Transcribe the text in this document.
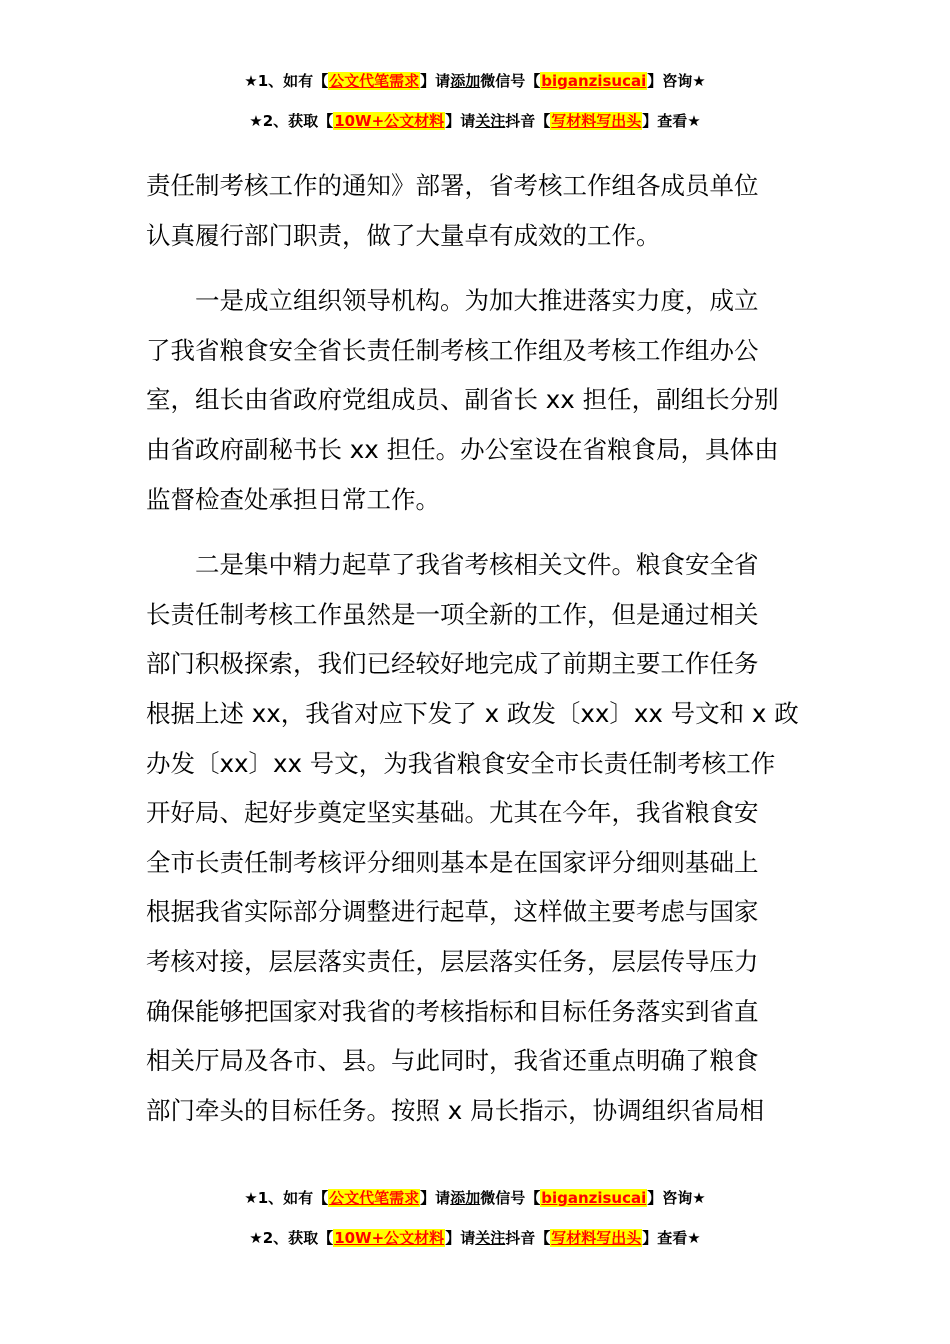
★1、如有【公文代笔需求】请添加微信号【biganzisucai】咨询★
★2、获取【10W+公文材料】请关注抖音【写材料写出头】查看★
责任制考核工作的通知》部署，省考核工作组各成员单位
认真履行部门职责，做了大量卓有成效的工作。
一是成立组织领导机构。为加大推进落实力度，成立
了我省粮食安全省长责任制考核工作组及考核工作组办公
室，组长由省政府党组成员、副省长 xx 担任，副组长分别
由省政府副秘书长 xx 担任。办公室设在省粮食局，具体由
监督检查处承担日常工作。
二是集中精力起草了我省考核相关文件。粮食安全省
长责任制考核工作虽然是一项全新的工作，但是通过相关
部门积极探索，我们已经较好地完成了前期主要工作任务
根据上述 xx，我省对应下发了 x 政发〔xx〕xx 号文和 x 政
办发〔xx〕xx 号文，为我省粮食安全市长责任制考核工作
开好局、起好步奠定坚实基础。尤其在今年，我省粮食安
全市长责任制考核评分细则基本是在国家评分细则基础上
根据我省实际部分调整进行起草，这样做主要考虑与国家
考核对接，层层落实责任，层层落实任务，层层传导压力
确保能够把国家对我省的考核指标和目标任务落实到省直
相关厅局及各市、县。与此同时，我省还重点明确了粮食
部门牵头的目标任务。按照 x 局长指示，协调组织省局相
★1、如有【公文代笔需求】请添加微信号【biganzisucai】咨询★
★2、获取【10W+公文材料】请关注抖音【写材料写出头】查看★
